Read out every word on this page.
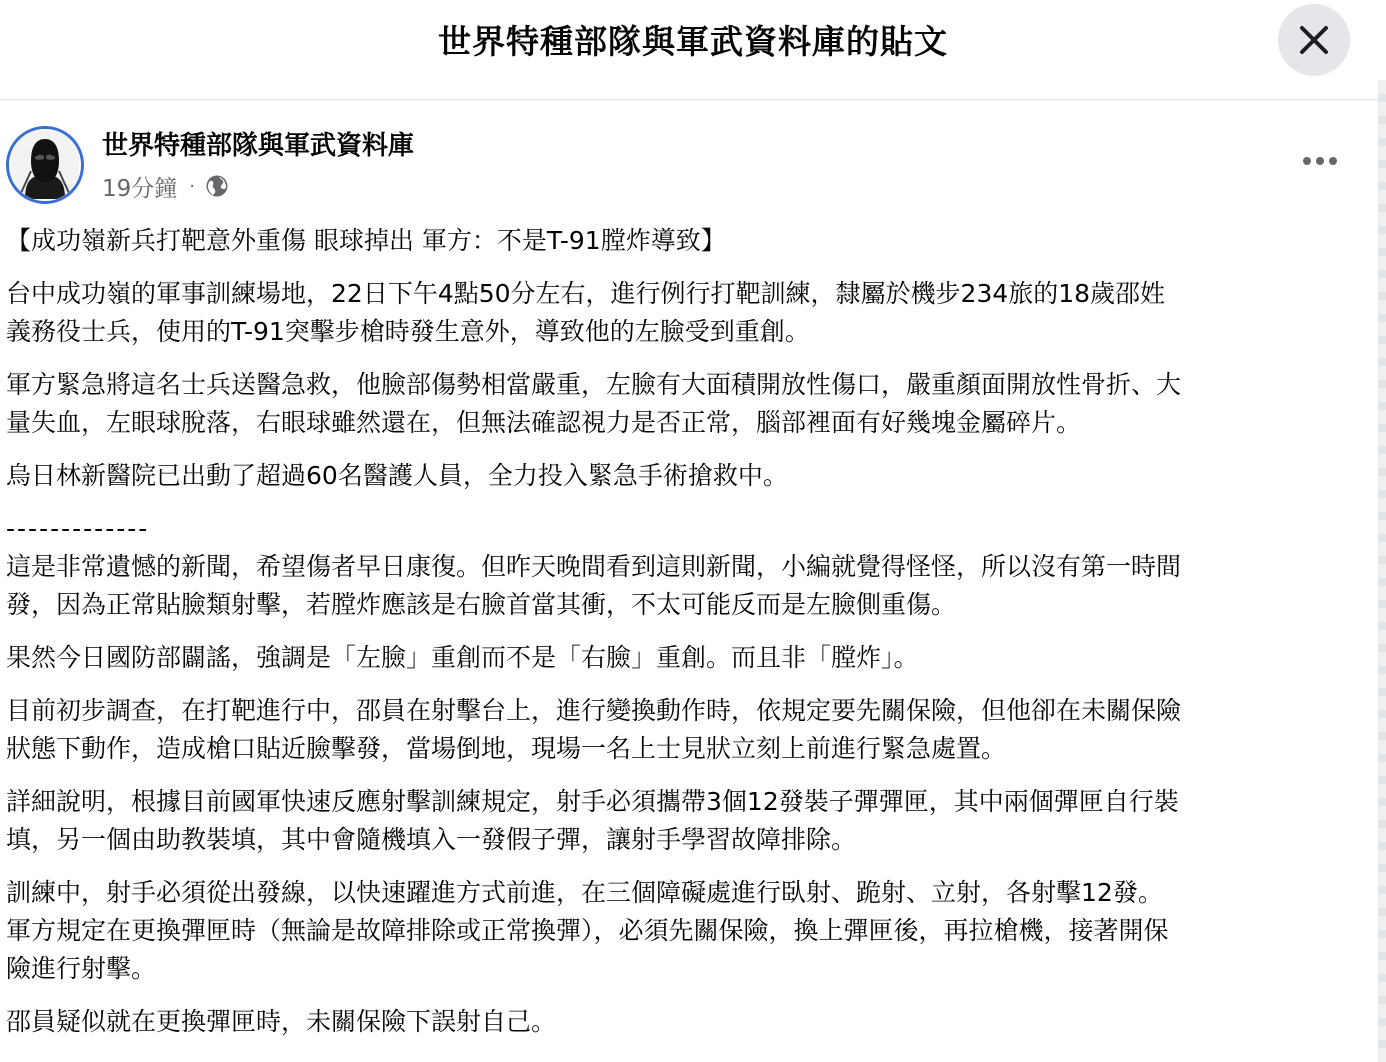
世界特種部隊與軍武資料庫的貼文
世界特種部隊與軍武資料庫
19分鐘 ·

【成功嶺新兵打靶意外重傷 眼球掉出 軍方：不是T-91膛炸導致】

台中成功嶺的軍事訓練場地，22日下午4點50分左右，進行例行打靶訓練，隸屬於機步234旅的18歲邵姓
義務役士兵，使用的T-91突擊步槍時發生意外，導致他的左臉受到重創。

軍方緊急將這名士兵送醫急救，他臉部傷勢相當嚴重，左臉有大面積開放性傷口，嚴重顏面開放性骨折、大
量失血，左眼球脫落，右眼球雖然還在，但無法確認視力是否正常，腦部裡面有好幾塊金屬碎片。

烏日林新醫院已出動了超過60名醫護人員，全力投入緊急手術搶救中。

-------------

這是非常遺憾的新聞，希望傷者早日康復。但昨天晚間看到這則新聞，小編就覺得怪怪，所以沒有第一時間
發，因為正常貼臉類射擊，若膛炸應該是右臉首當其衝，不太可能反而是左臉側重傷。

果然今日國防部闢謠，強調是「左臉」重創而不是「右臉」重創。而且非「膛炸」。

目前初步調查，在打靶進行中，邵員在射擊台上，進行變換動作時，依規定要先關保險，但他卻在未關保險
狀態下動作，造成槍口貼近臉擊發，當場倒地，現場一名上士見狀立刻上前進行緊急處置。

詳細說明，根據目前國軍快速反應射擊訓練規定，射手必須攜帶3個12發裝子彈彈匣，其中兩個彈匣自行裝
填，另一個由助教裝填，其中會隨機填入一發假子彈，讓射手學習故障排除。

訓練中，射手必須從出發線，以快速躍進方式前進，在三個障礙處進行臥射、跪射、立射，各射擊12發。
軍方規定在更換彈匣時（無論是故障排除或正常換彈），必須先關保險，換上彈匣後，再拉槍機，接著開保
險進行射擊。

邵員疑似就在更換彈匣時，未關保險下誤射自己。
